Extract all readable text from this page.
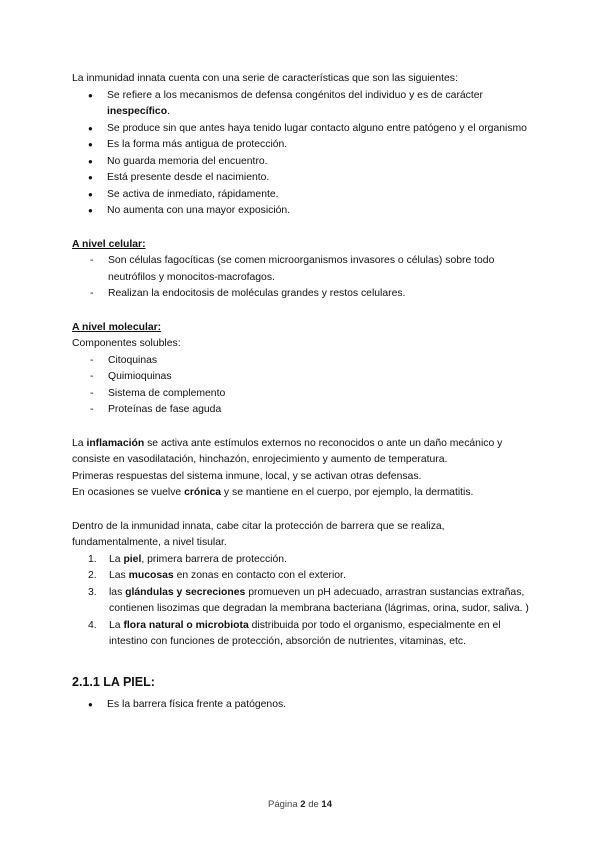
La inmunidad innata cuenta con una serie de características que son las siguientes:

● Se refiere a los mecanismos de defensa congénitos del individuo y es de carácter inespecífico.
● Se produce sin que antes haya tenido lugar contacto alguno entre patógeno y el organismo
● Es la forma más antigua de protección.
● No guarda memoria del encuentro.
● Está presente desde el nacimiento.
● Se activa de inmediato, rápidamente.
● No aumenta con una mayor exposición.

A nivel celular:

- Son células fagocíticas (se comen microorganismos invasores o células) sobre todo neutrófilos y monocitos-macrofagos.
- Realizan la endocitosis de moléculas grandes y restos celulares.

A nivel molecular:

Componentes solubles:

- Citoquinas
- Quimioquinas
- Sistema de complemento
- Proteínas de fase aguda

La inflamación se activa ante estímulos externos no reconocidos o ante un daño mecánico y consiste en vasodilatación, hinchazón, enrojecimiento y aumento de temperatura.

Primeras respuestas del sistema inmune, local, y se activan otras defensas.

En ocasiones se vuelve crónica y se mantiene en el cuerpo, por ejemplo, la dermatitis.

Dentro de la inmunidad innata, cabe citar la protección de barrera que se realiza, fundamentalmente, a nivel tisular.

1. La piel, primera barrera de protección.
2. Las mucosas en zonas en contacto con el exterior.
3. las glándulas y secreciones promueven un pH adecuado, arrastran sustancias extrañas, contienen lisozimas que degradan la membrana bacteriana (lágrimas, orina, sudor, saliva. )
4. La flora natural o microbiota distribuida por todo el organismo, especialmente en el intestino con funciones de protección, absorción de nutrientes, vitaminas, etc.
2.1.1 LA PIEL:
● Es la barrera física frente a patógenos.
Página 2 de 14
